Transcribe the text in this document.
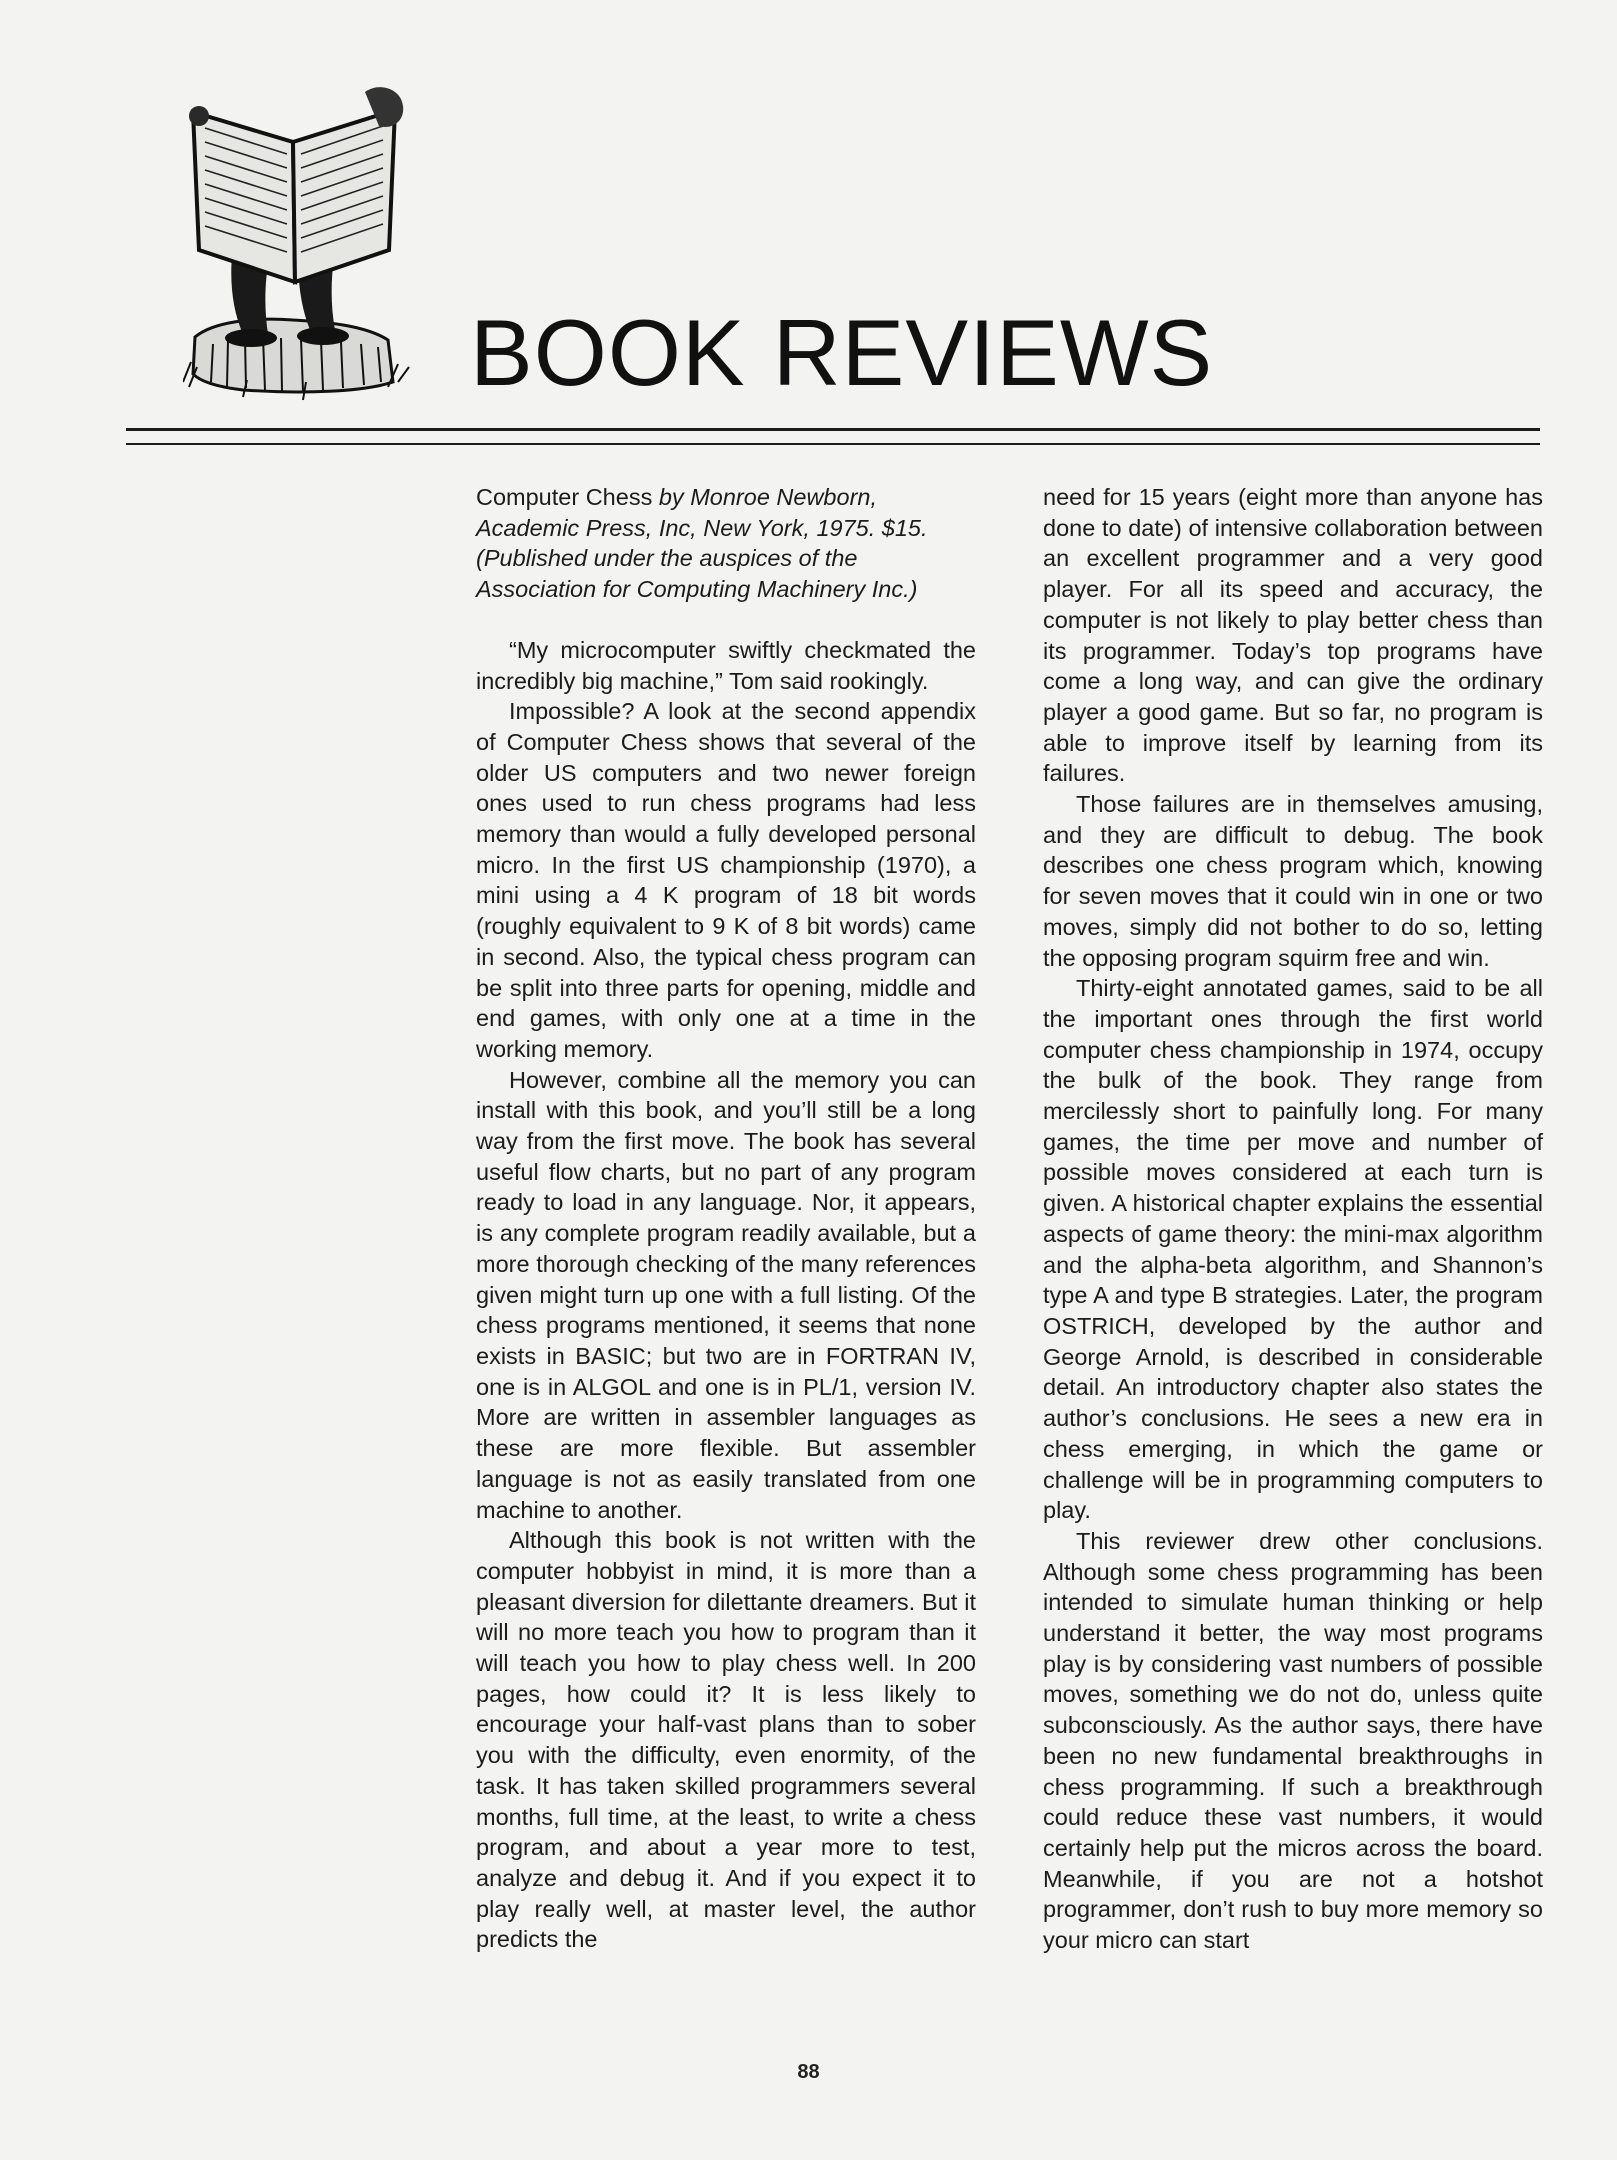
BOOK REVIEWS

Computer Chess by Monroe Newborn, Academic Press, Inc, New York, 1975. $15. (Published under the auspices of the Association for Computing Machinery Inc.)

“My microcomputer swiftly checkmated the incredibly big machine,” Tom said rookingly.

Impossible? A look at the second appendix of Computer Chess shows that several of the older US computers and two newer foreign ones used to run chess programs had less memory than would a fully developed personal micro. In the first US championship (1970), a mini using a 4 K program of 18 bit words (roughly equivalent to 9 K of 8 bit words) came in second. Also, the typical chess program can be split into three parts for opening, middle and end games, with only one at a time in the working memory.

However, combine all the memory you can install with this book, and you’ll still be a long way from the first move. The book has several useful flow charts, but no part of any program ready to load in any language. Nor, it appears, is any complete program readily available, but a more thorough checking of the many references given might turn up one with a full listing. Of the chess programs mentioned, it seems that none exists in BASIC; but two are in FORTRAN IV, one is in ALGOL and one is in PL/1, version IV. More are written in assembler languages as these are more flexible. But assembler language is not as easily translated from one machine to another.

Although this book is not written with the computer hobbyist in mind, it is more than a pleasant diversion for dilettante dreamers. But it will no more teach you how to program than it will teach you how to play chess well. In 200 pages, how could it? It is less likely to encourage your half-vast plans than to sober you with the difficulty, even enormity, of the task. It has taken skilled programmers several months, full time, at the least, to write a chess program, and about a year more to test, analyze and debug it. And if you expect it to play really well, at master level, the author predicts the

need for 15 years (eight more than anyone has done to date) of intensive collaboration between an excellent programmer and a very good player. For all its speed and accuracy, the computer is not likely to play better chess than its programmer. Today’s top programs have come a long way, and can give the ordinary player a good game. But so far, no program is able to improve itself by learning from its failures.

Those failures are in themselves amusing, and they are difficult to debug. The book describes one chess program which, knowing for seven moves that it could win in one or two moves, simply did not bother to do so, letting the opposing program squirm free and win.

Thirty-eight annotated games, said to be all the important ones through the first world computer chess championship in 1974, occupy the bulk of the book. They range from mercilessly short to painfully long. For many games, the time per move and number of possible moves considered at each turn is given. A historical chapter explains the essential aspects of game theory: the mini-max algorithm and the alpha-beta algorithm, and Shannon’s type A and type B strategies. Later, the program OSTRICH, developed by the author and George Arnold, is described in considerable detail. An introductory chapter also states the author’s conclusions. He sees a new era in chess emerging, in which the game or challenge will be in programming computers to play.

This reviewer drew other conclusions. Although some chess programming has been intended to simulate human thinking or help understand it better, the way most programs play is by considering vast numbers of possible moves, something we do not do, unless quite subconsciously. As the author says, there have been no new fundamental breakthroughs in chess programming. If such a breakthrough could reduce these vast numbers, it would certainly help put the micros across the board. Meanwhile, if you are not a hotshot programmer, don’t rush to buy more memory so your micro can start

88
